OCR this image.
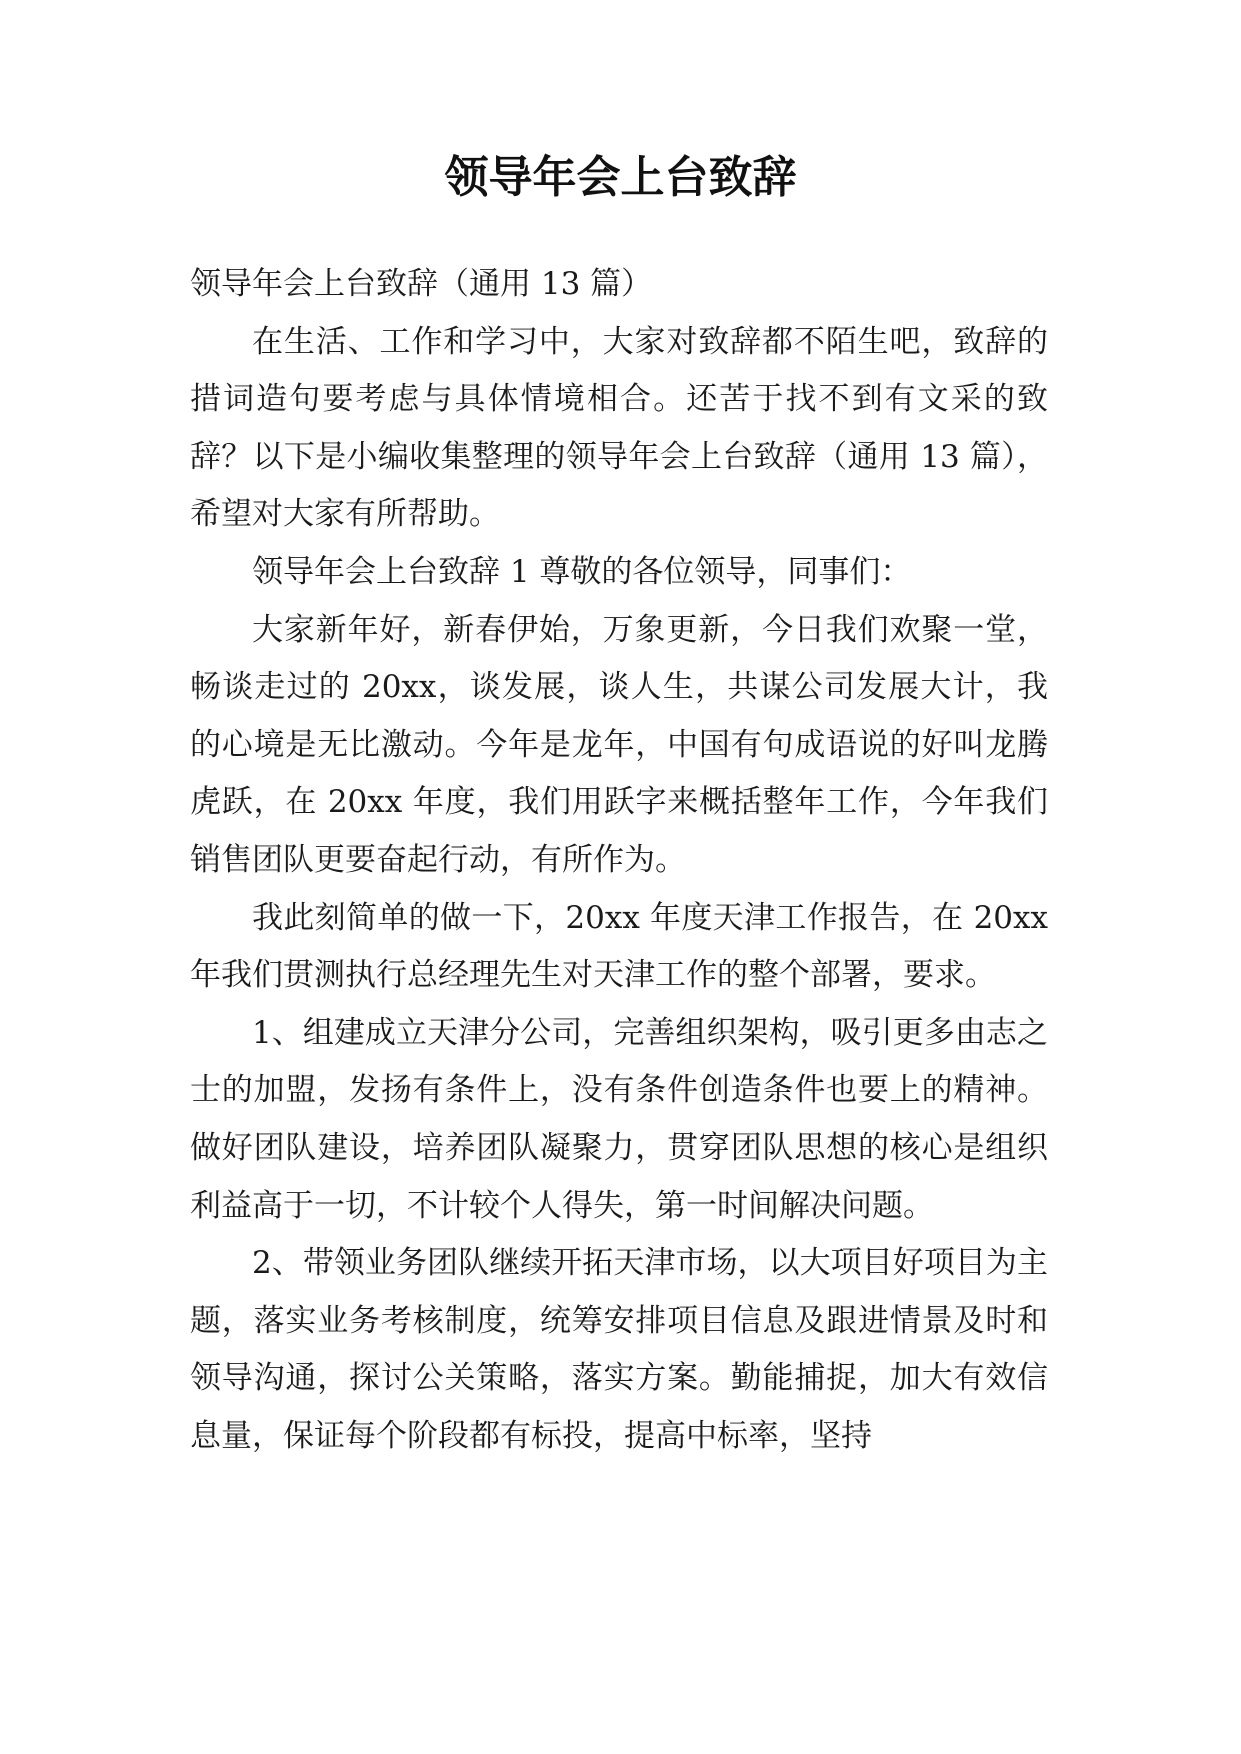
领导年会上台致辞

领导年会上台致辞（通用 13 篇）

在生活、工作和学习中，大家对致辞都不陌生吧，致辞的措词造句要考虑与具体情境相合。还苦于找不到有文采的致辞？以下是小编收集整理的领导年会上台致辞（通用 13 篇），希望对大家有所帮助。

领导年会上台致辞 1 尊敬的各位领导，同事们：

大家新年好，新春伊始，万象更新，今日我们欢聚一堂，畅谈走过的 20xx，谈发展，谈人生，共谋公司发展大计，我的心境是无比激动。今年是龙年，中国有句成语说的好叫龙腾虎跃，在 20xx 年度，我们用跃字来概括整年工作，今年我们销售团队更要奋起行动，有所作为。

我此刻简单的做一下，20xx 年度天津工作报告，在 20xx 年我们贯测执行总经理先生对天津工作的整个部署，要求。

1、组建成立天津分公司，完善组织架构，吸引更多由志之士的加盟，发扬有条件上，没有条件创造条件也要上的精神。做好团队建设，培养团队凝聚力，贯穿团队思想的核心是组织利益高于一切，不计较个人得失，第一时间解决问题。

2、带领业务团队继续开拓天津市场，以大项目好项目为主题，落实业务考核制度，统筹安排项目信息及跟进情景及时和领导沟通，探讨公关策略，落实方案。勤能捕捉，加大有效信息量，保证每个阶段都有标投，提高中标率，坚持
